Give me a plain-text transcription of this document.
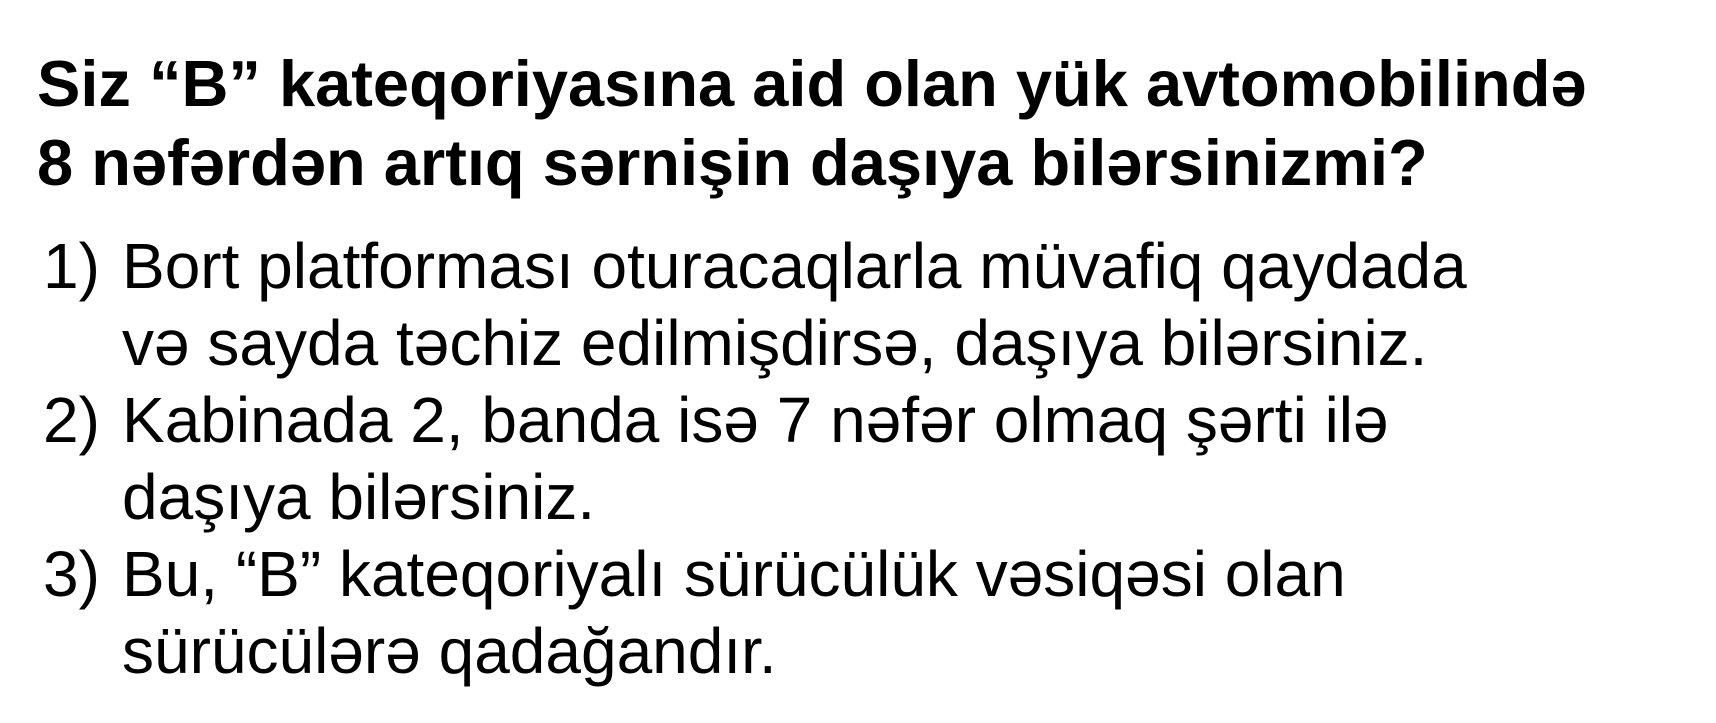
Siz “B” kateqoriyasına aid olan yük avtomobilində
8 nəfərdən artıq sərnişin daşıya bilərsinizmi?
1) Bort platforması oturacaqlarla müvafiq qaydada
və sayda təchiz edilmişdirsə, daşıya bilərsiniz.
2) Kabinada 2, banda isə 7 nəfər olmaq şərti ilə
daşıya bilərsiniz.
3) Bu, “B” kateqoriyalı sürücülük vəsiqəsi olan
sürücülərə qadağandır.
